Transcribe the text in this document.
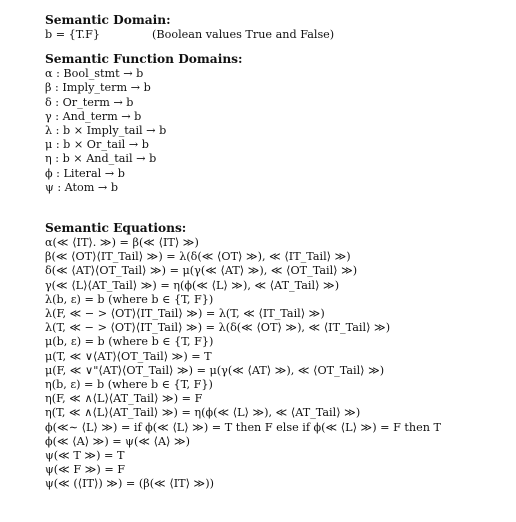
Semantic Domain:

b = {T.F}	(Boolean values True and False)

Semantic Function Domains:

α : Bool_stmt → b

β : Imply_term → b

δ : Or_term → b

γ : And_term → b

λ : b × Imply_tail → b

μ : b × Or_tail → b

η : b × And_tail → b

ϕ : Literal → b

ψ : Atom → b

Semantic Equations:

α(≪ ⟨IT⟩. ≫) = β(≪ ⟨IT⟩ ≫)

β(≪ ⟨OT⟩⟨IT_Tail⟩ ≫) = λ(δ(≪ ⟨OT⟩ ≫), ≪ ⟨IT_Tail⟩ ≫)

δ(≪ ⟨AT⟩⟨OT_Tail⟩ ≫) = μ(γ(≪ ⟨AT⟩ ≫), ≪ ⟨OT_Tail⟩ ≫)

γ(≪ ⟨L⟩⟨AT_Tail⟩ ≫) = η(ϕ(≪ ⟨L⟩ ≫), ≪ ⟨AT_Tail⟩ ≫)

λ(b, ε) = b (where b ∈ {T, F})

λ(F, ≪ − > ⟨OT⟩⟨IT_Tail⟩ ≫) = λ(T, ≪ ⟨IT_Tail⟩ ≫)

λ(T, ≪ − > ⟨OT⟩⟨IT_Tail⟩ ≫) = λ(δ(≪ ⟨OT⟩ ≫), ≪ ⟨IT_Tail⟩ ≫)

μ(b, ε) = b (where b ∈ {T, F})

μ(T, ≪ ∨⟨AT⟩⟨OT_Tail⟩ ≫) = T

μ(F, ≪ ∨"⟨AT⟩⟨OT_Tail⟩ ≫) = μ(γ(≪ ⟨AT⟩ ≫), ≪ ⟨OT_Tail⟩ ≫)

η(b, ε) = b (where b ∈ {T, F})

η(F, ≪ ∧⟨L⟩⟨AT_Tail⟩ ≫) = F

η(T, ≪ ∧⟨L⟩⟨AT_Tail⟩ ≫) = η(ϕ(≪ ⟨L⟩ ≫), ≪ ⟨AT_Tail⟩ ≫)

ϕ(≪∼ ⟨L⟩ ≫) = if ϕ(≪ ⟨L⟩ ≫) = T then F else if ϕ(≪ ⟨L⟩ ≫) = F then T

ϕ(≪ ⟨A⟩ ≫) = ψ(≪ ⟨A⟩ ≫)

ψ(≪ T ≫) = T

ψ(≪ F ≫) = F

ψ(≪ (⟨IT⟩) ≫) = (β(≪ ⟨IT⟩ ≫))
